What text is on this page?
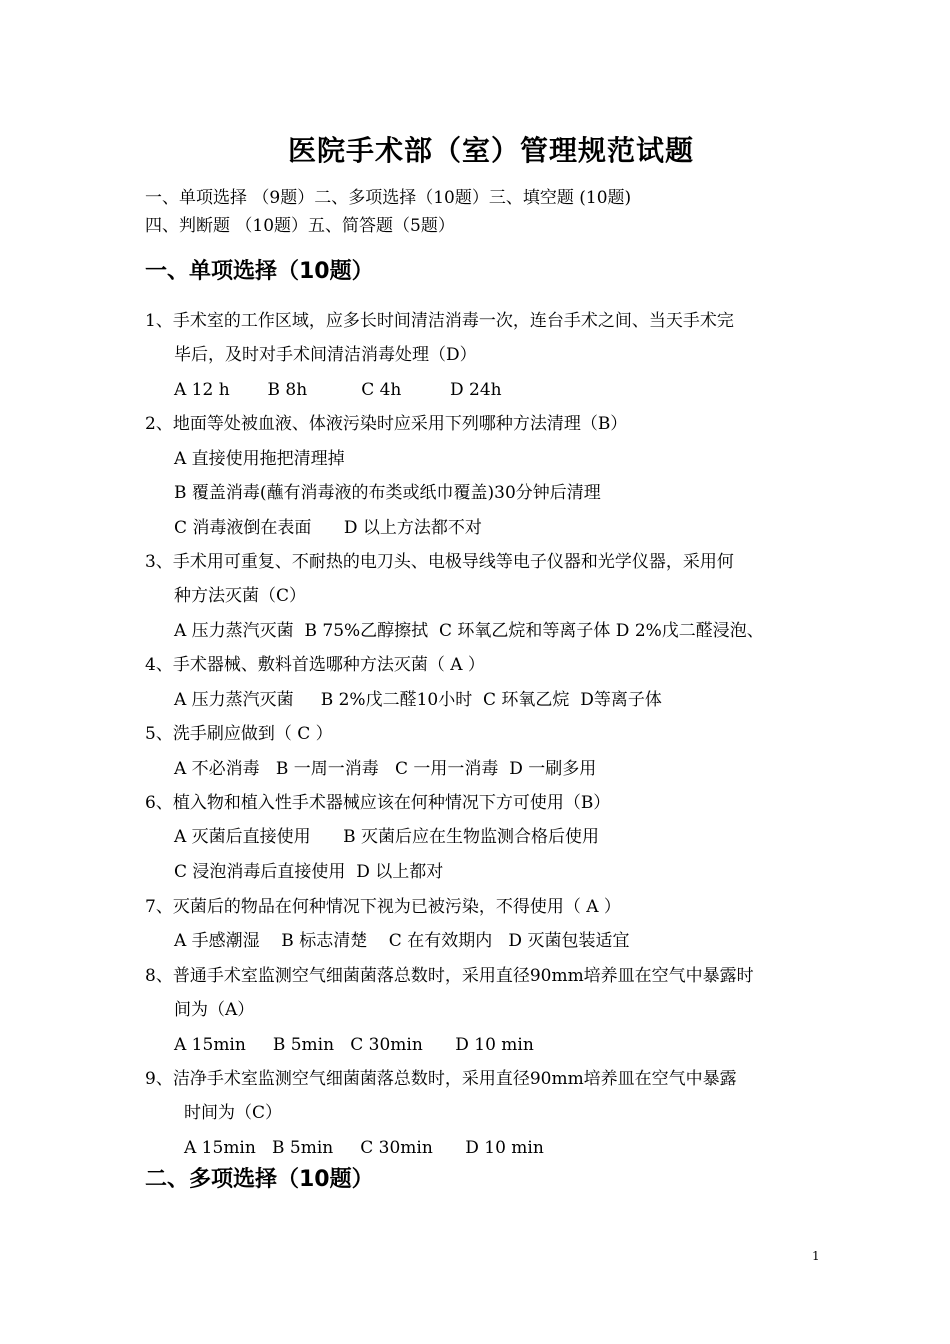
医院手术部（室）管理规范试题
一、单项选择 （9题）二、多项选择（10题）三、填空题 (10题)
四、判断题 （10题）五、简答题（5题）
一、单项选择（10题）
1、手术室的工作区域，应多长时间清洁消毒一次，连台手术之间、当天手术完
毕后，及时对手术间清洁消毒处理（D）
A 12 h       B 8h          C 4h         D 24h
2、地面等处被血液、体液污染时应采用下列哪种方法清理（B）
A 直接使用拖把清理掉
B 覆盖消毒(蘸有消毒液的布类或纸巾覆盖)30分钟后清理
C 消毒液倒在表面      D 以上方法都不对
3、手术用可重复、不耐热的电刀头、电极导线等电子仪器和光学仪器，采用何
种方法灭菌（C）
A 压力蒸汽灭菌  B 75%乙醇擦拭  C 环氧乙烷和等离子体 D 2%戊二醛浸泡、
4、手术器械、敷料首选哪种方法灭菌（ A ）
A 压力蒸汽灭菌     B 2%戊二醛10小时  C 环氧乙烷  D等离子体
5、洗手刷应做到（ C ）
A 不必消毒   B 一周一消毒   C 一用一消毒  D 一刷多用
6、植入物和植入性手术器械应该在何种情况下方可使用（B）
A 灭菌后直接使用      B 灭菌后应在生物监测合格后使用
C 浸泡消毒后直接使用  D 以上都对
7、灭菌后的物品在何种情况下视为已被污染，不得使用（ A ）
A 手感潮湿    B 标志清楚    C 在有效期内   D 灭菌包装适宜
8、普通手术室监测空气细菌菌落总数时，采用直径90mm培养皿在空气中暴露时
间为（A）
A 15min     B 5min   C 30min      D 10 min
9、洁净手术室监测空气细菌菌落总数时，采用直径90mm培养皿在空气中暴露
时间为（C）
A 15min   B 5min     C 30min      D 10 min
二、多项选择（10题）
1
